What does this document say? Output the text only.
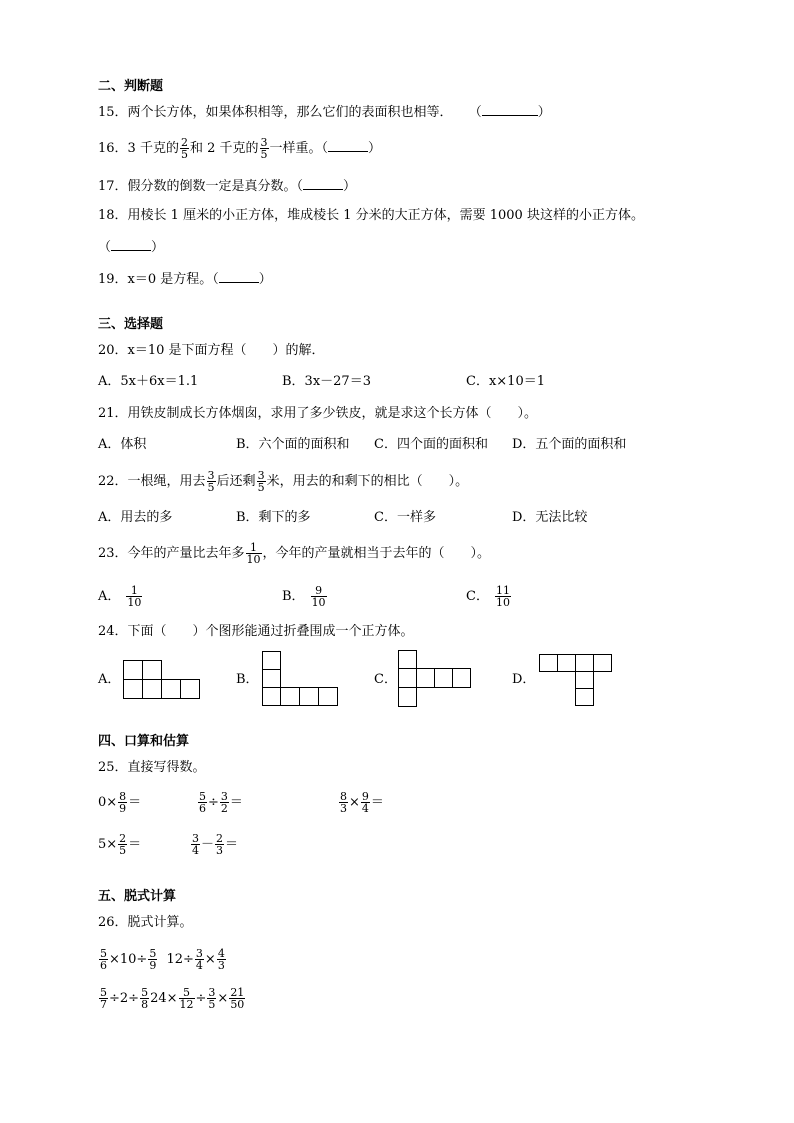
二、判断题
15．两个长方体，如果体积相等，那么它们的表面积也相等． （	）
16．3 千克的 $\frac{2}{5}$ 和 2 千克的 $\frac{3}{5}$ 一样重。（	）
17．假分数的倒数一定是真分数。（	）
18．用棱长 1 厘米的小正方体，堆成棱长 1 分米的大正方体，需要 1000 块这样的小正方体。
（	）
19．x＝0 是方程。（	）
三、选择题
20．x＝10 是下面方程（　　）的解．
A．5x＋6x＝1.1	B．3x－27＝3	C．x×10＝1
21．用铁皮制成长方体烟囱，求用了多少铁皮，就是求这个长方体（　　）。
A．体积	B．六个面的面积和 C．四个面的面积和 D．五个面的面积和
22．一根绳，用去 $\frac{3}{5}$ 后还剩 $\frac{3}{5}$ 米，用去的和剩下的相比（　　）。
A．用去的多	B．剩下的多	C．一样多	D．无法比较
23．今年的产量比去年多 $\frac{1}{10}$ ，今年的产量就相当于去年的（　　）。
A． $\frac{1}{10}$	B． $\frac{9}{10}$	C． $\frac{11}{10}$
24．下面（　　）个图形能通过折叠围成一个正方体。
A．	B．	C．	D．
四、口算和估算
25．直接写得数。
$0\times \frac{8}{9}$ ＝	$\frac{5}{6} \div \frac{3}{2}$ ＝	$\frac{8}{3} \times \frac{9}{4}$ ＝
$5\times \frac{2}{5}$ ＝	$\frac{3}{4} - \frac{2}{3}$ ＝
五、脱式计算
26．脱式计算。
$\frac{5}{6} \times 10\div \frac{5}{9} 12\div \frac{3}{4} \times \frac{4}{3}$
$\frac{5}{7} \div 2\div \frac{5}{8} 24\times \frac{5}{12} \div \frac{3}{5} \times \frac{21}{50}$
